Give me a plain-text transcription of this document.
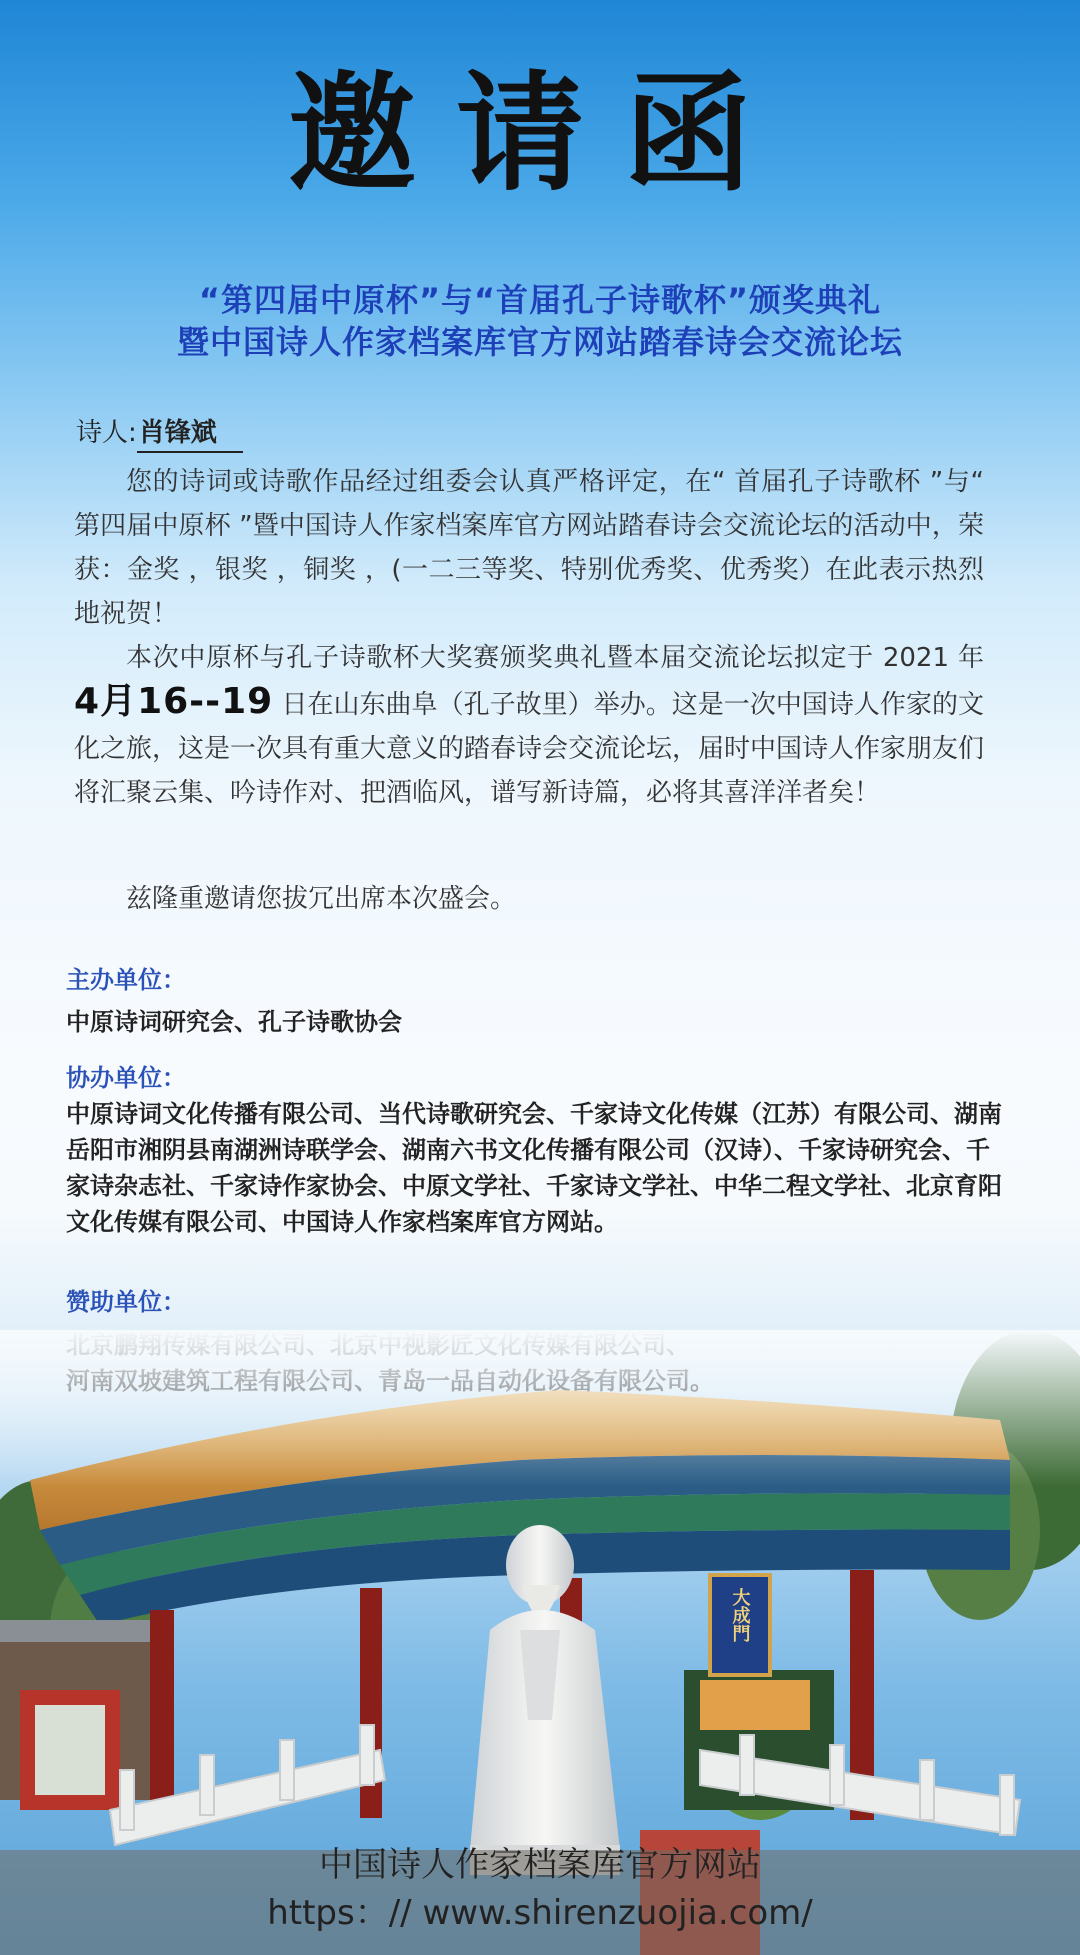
邀请函
“第四届中原杯”与“首届孔子诗歌杯”颁奖典礼
暨中国诗人作家档案库官方网站踏春诗会交流论坛
诗人:肖锋斌

您的诗词或诗歌作品经过组委会认真严格评定，在“ 首届孔子诗歌杯 ”与“ 第四届中原杯 ”暨中国诗人作家档案库官方网站踏春诗会交流论坛的活动中，荣获：金奖 ，银奖 ，铜奖 ，(一二三等奖、特别优秀奖、优秀奖）在此表示热烈地祝贺！

本次中原杯与孔子诗歌杯大奖赛颁奖典礼暨本届交流论坛拟定于 2021 年 4月16--19 日在山东曲阜（孔子故里）举办。这是一次中国诗人作家的文化之旅，这是一次具有重大意义的踏春诗会交流论坛，届时中国诗人作家朋友们将汇聚云集、吟诗作对、把酒临风，谱写新诗篇，必将其喜洋洋者矣！

兹隆重邀请您拔冗出席本次盛会。

主办单位：

中原诗词研究会、孔子诗歌协会

协办单位：

中原诗词文化传播有限公司、当代诗歌研究会、千家诗文化传媒（江苏）有限公司、湖南岳阳市湘阴县南湖洲诗联学会、湖南六书文化传播有限公司（汉诗）、千家诗研究会、千家诗杂志社、千家诗作家协会、中原文学社、千家诗文学社、中华二程文学社、北京育阳文化传媒有限公司、中国诗人作家档案库官方网站。

赞助单位：
中国诗人作家档案库官方网站
https：// www.shirenzuojia.com/
